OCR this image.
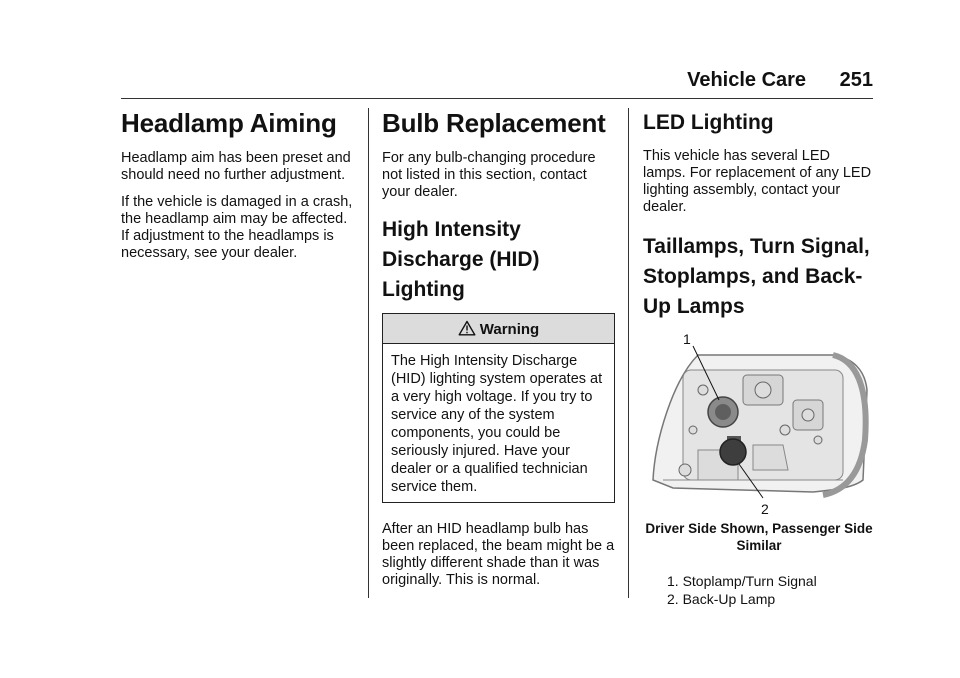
Vehicle Care 251
Headlamp Aiming

Headlamp aim has been preset and should need no further adjustment.

If the vehicle is damaged in a crash, the headlamp aim may be affected. If adjustment to the headlamps is necessary, see your dealer.

Bulb Replacement

For any bulb-changing procedure not listed in this section, contact your dealer.

High Intensity Discharge (HID) Lighting
Warning
The High Intensity Discharge (HID) lighting system operates at a very high voltage. If you try to service any of the system components, you could be seriously injured. Have your dealer or a qualified technician service them.

After an HID headlamp bulb has been replaced, the beam might be a slightly different shade than it was originally. This is normal.

LED Lighting

This vehicle has several LED lamps. For replacement of any LED lighting assembly, contact your dealer.

Taillamps, Turn Signal, Stoplamps, and Back-Up Lamps
1
2
Driver Side Shown, Passenger Side Similar
1. Stoplamp/Turn Signal
2. Back-Up Lamp
